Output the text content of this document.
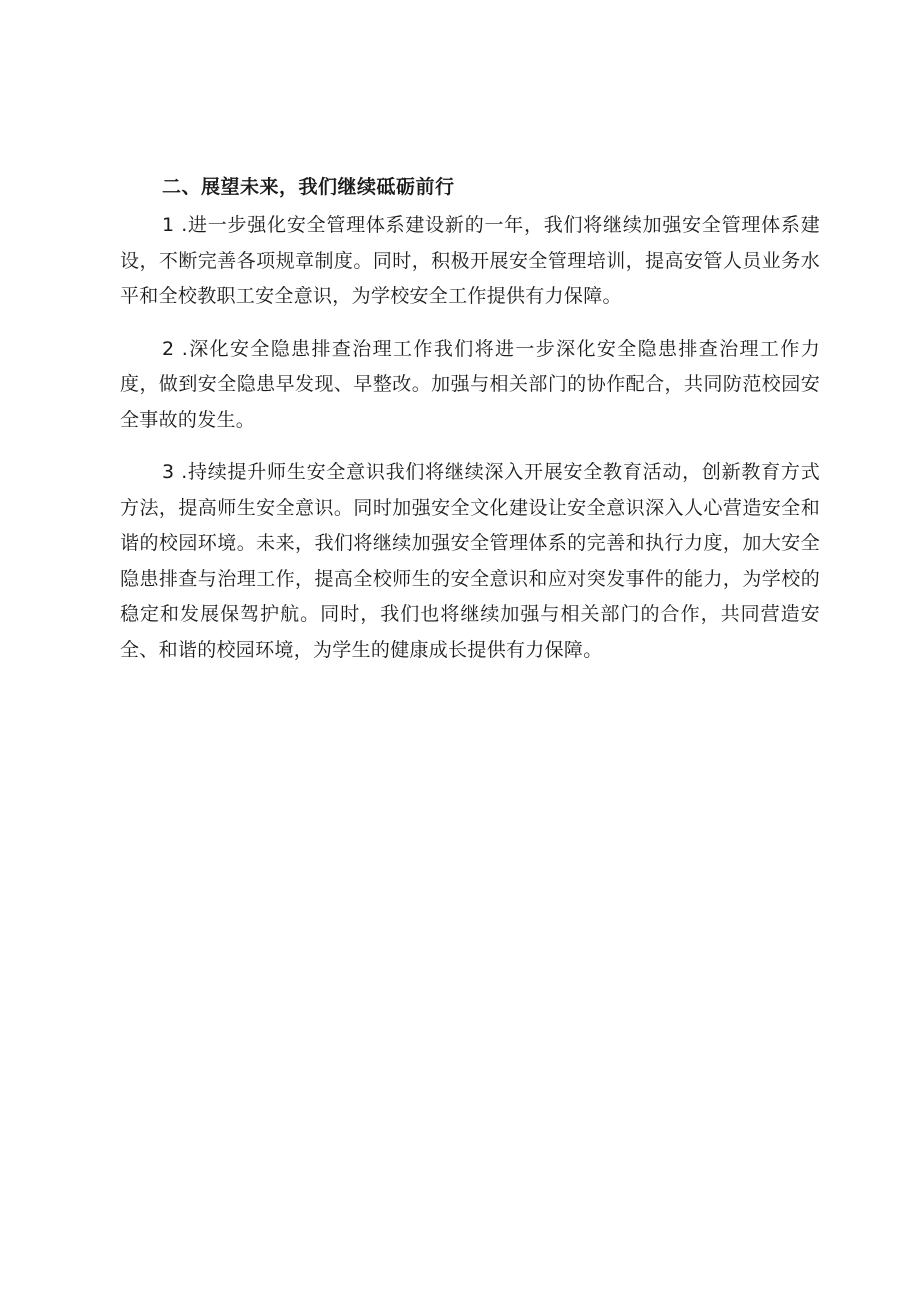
二、展望未来，我们继续砥砺前行

1 .进一步强化安全管理体系建设新的一年，我们将继续加强安全管理体系建设，不断完善各项规章制度。同时，积极开展安全管理培训，提高安管人员业务水平和全校教职工安全意识，为学校安全工作提供有力保障。

2 .深化安全隐患排查治理工作我们将进一步深化安全隐患排查治理工作力度，做到安全隐患早发现、早整改。加强与相关部门的协作配合，共同防范校园安全事故的发生。

3 .持续提升师生安全意识我们将继续深入开展安全教育活动，创新教育方式方法，提高师生安全意识。同时加强安全文化建设让安全意识深入人心营造安全和谐的校园环境。未来，我们将继续加强安全管理体系的完善和执行力度，加大安全隐患排查与治理工作，提高全校师生的安全意识和应对突发事件的能力，为学校的稳定和发展保驾护航。同时，我们也将继续加强与相关部门的合作，共同营造安全、和谐的校园环境，为学生的健康成长提供有力保障。
